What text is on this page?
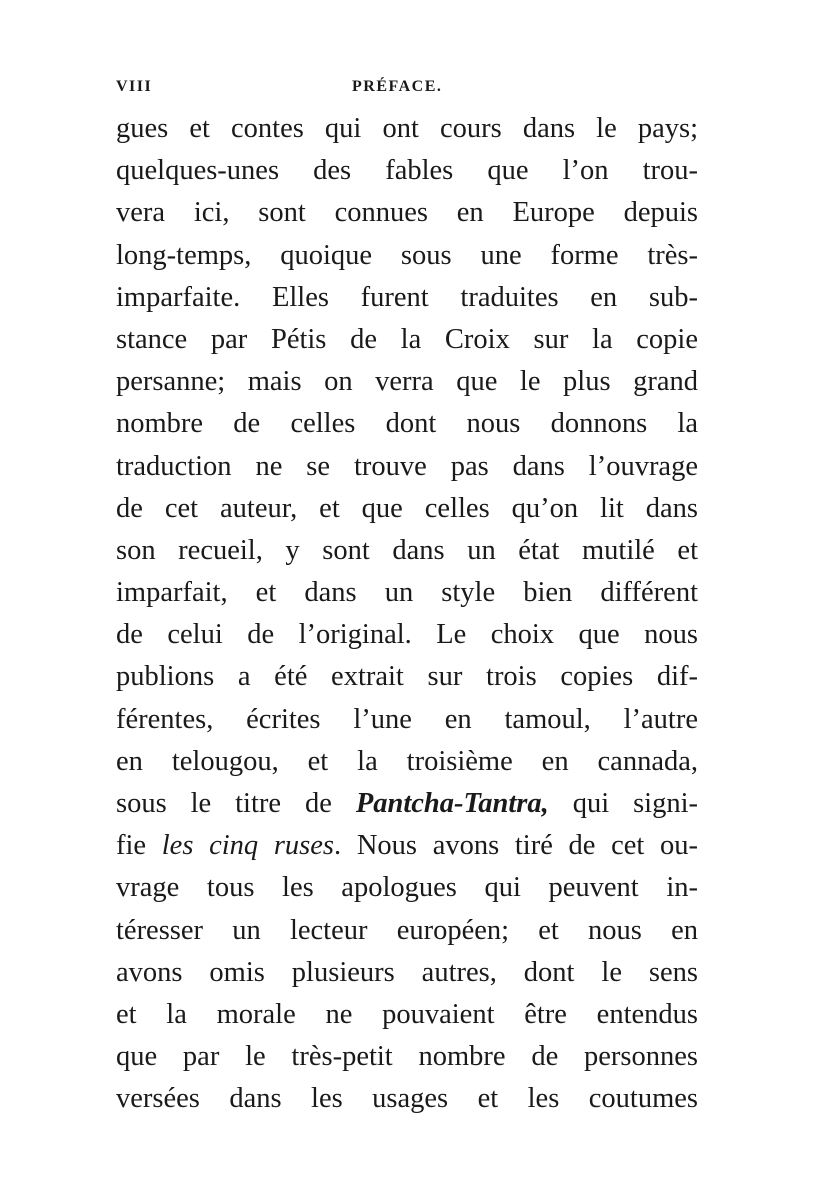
VIII	PRÉFACE.
gues et contes qui ont cours dans le pays;
quelques-unes des fables que l’on trou-
vera ici, sont connues en Europe depuis
long-temps, quoique sous une forme très-
imparfaite. Elles furent traduites en sub-
stance par Pétis de la Croix sur la copie
persanne; mais on verra que le plus grand
nombre de celles dont nous donnons la
traduction ne se trouve pas dans l’ouvrage
de cet auteur, et que celles qu’on lit dans
son recueil, y sont dans un état mutilé et
imparfait, et dans un style bien différent
de celui de l’original. Le choix que nous
publions a été extrait sur trois copies dif-
férentes, écrites l’une en tamoul, l’autre
en telougou, et la troisième en cannada,
sous le titre de Pantcha-Tantra, qui signi-
fie les cinq ruses. Nous avons tiré de cet ou-
vrage tous les apologues qui peuvent in-
téresser un lecteur européen; et nous en
avons omis plusieurs autres, dont le sens
et la morale ne pouvaient être entendus
que par le très-petit nombre de personnes
versées dans les usages et les coutumes
